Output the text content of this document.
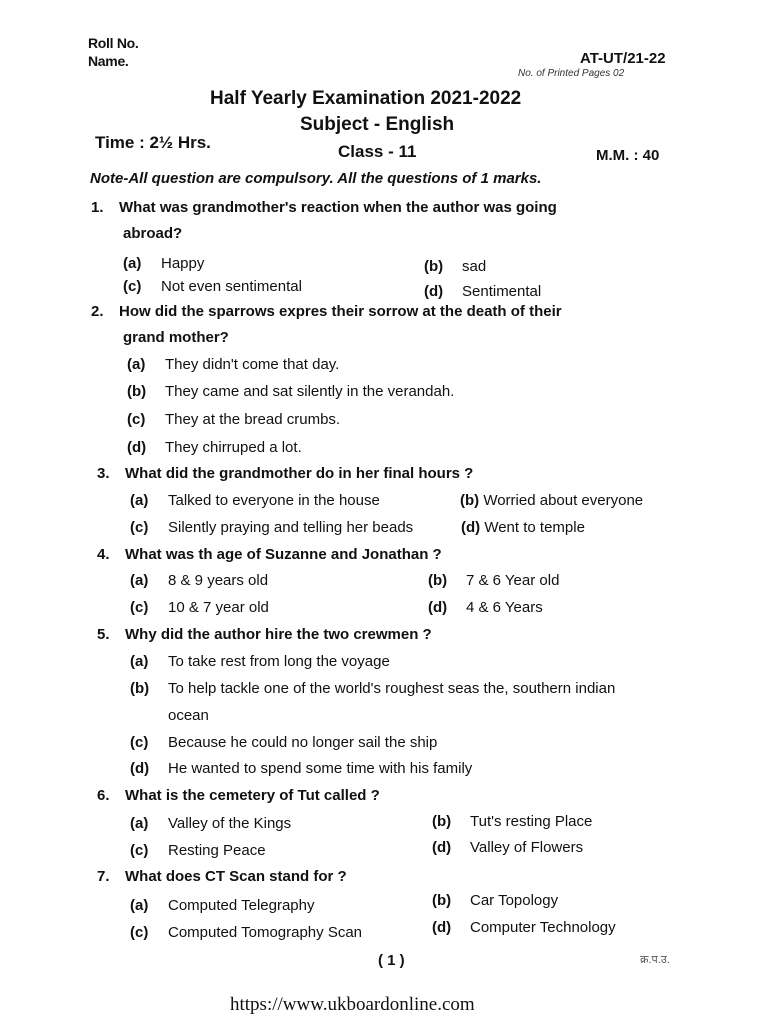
Roll No.
Name.	AT-UT/21-22
No. of Printed Pages 02
Half Yearly Examination 2021-2022
Subject - English
Time : 2½ Hrs.	Class - 11	M.M. : 40
Note-All question are compulsory. All the questions of 1 marks.
1. What was grandmother's reaction when the author was going
abroad?
(a) Happy	(b) sad
(c) Not even sentimental	(d) Sentimental
2. How did the sparrows expres their sorrow at the death of their
grand mother?
(a) They didn't come that day.
(b) They came and sat silently in the verandah.
(c) They at the bread crumbs.
(d) They chirruped a lot.
3. What did the grandmother do in her final hours ?
(a) Talked to everyone in the house	(b) Worried about everyone
(c) Silently praying and telling her beads	(d) Went to temple
4. What was th age of Suzanne and Jonathan ?
(a) 8 & 9 years old	(b) 7 & 6 Year old
(c) 10 & 7 year old	(d) 4 & 6 Years
5. Why did the author hire the two crewmen ?
(a) To take rest from long the voyage
(b) To help tackle one of the world's roughest seas the, southern indian
ocean
(c) Because he could no longer sail the ship
(d) He wanted to spend some time with his family
6. What is the cemetery of Tut called ?
(a) Valley of the Kings	(b) Tut's resting Place
(c) Resting Peace	(d) Valley of Flowers
7. What does CT Scan stand for ?
(a) Computed Telegraphy	(b) Car Topology
(c) Computed Tomography Scan	(d) Computer Technology
( 1 )	क्र.प.उ.
https://www.ukboardonline.com
